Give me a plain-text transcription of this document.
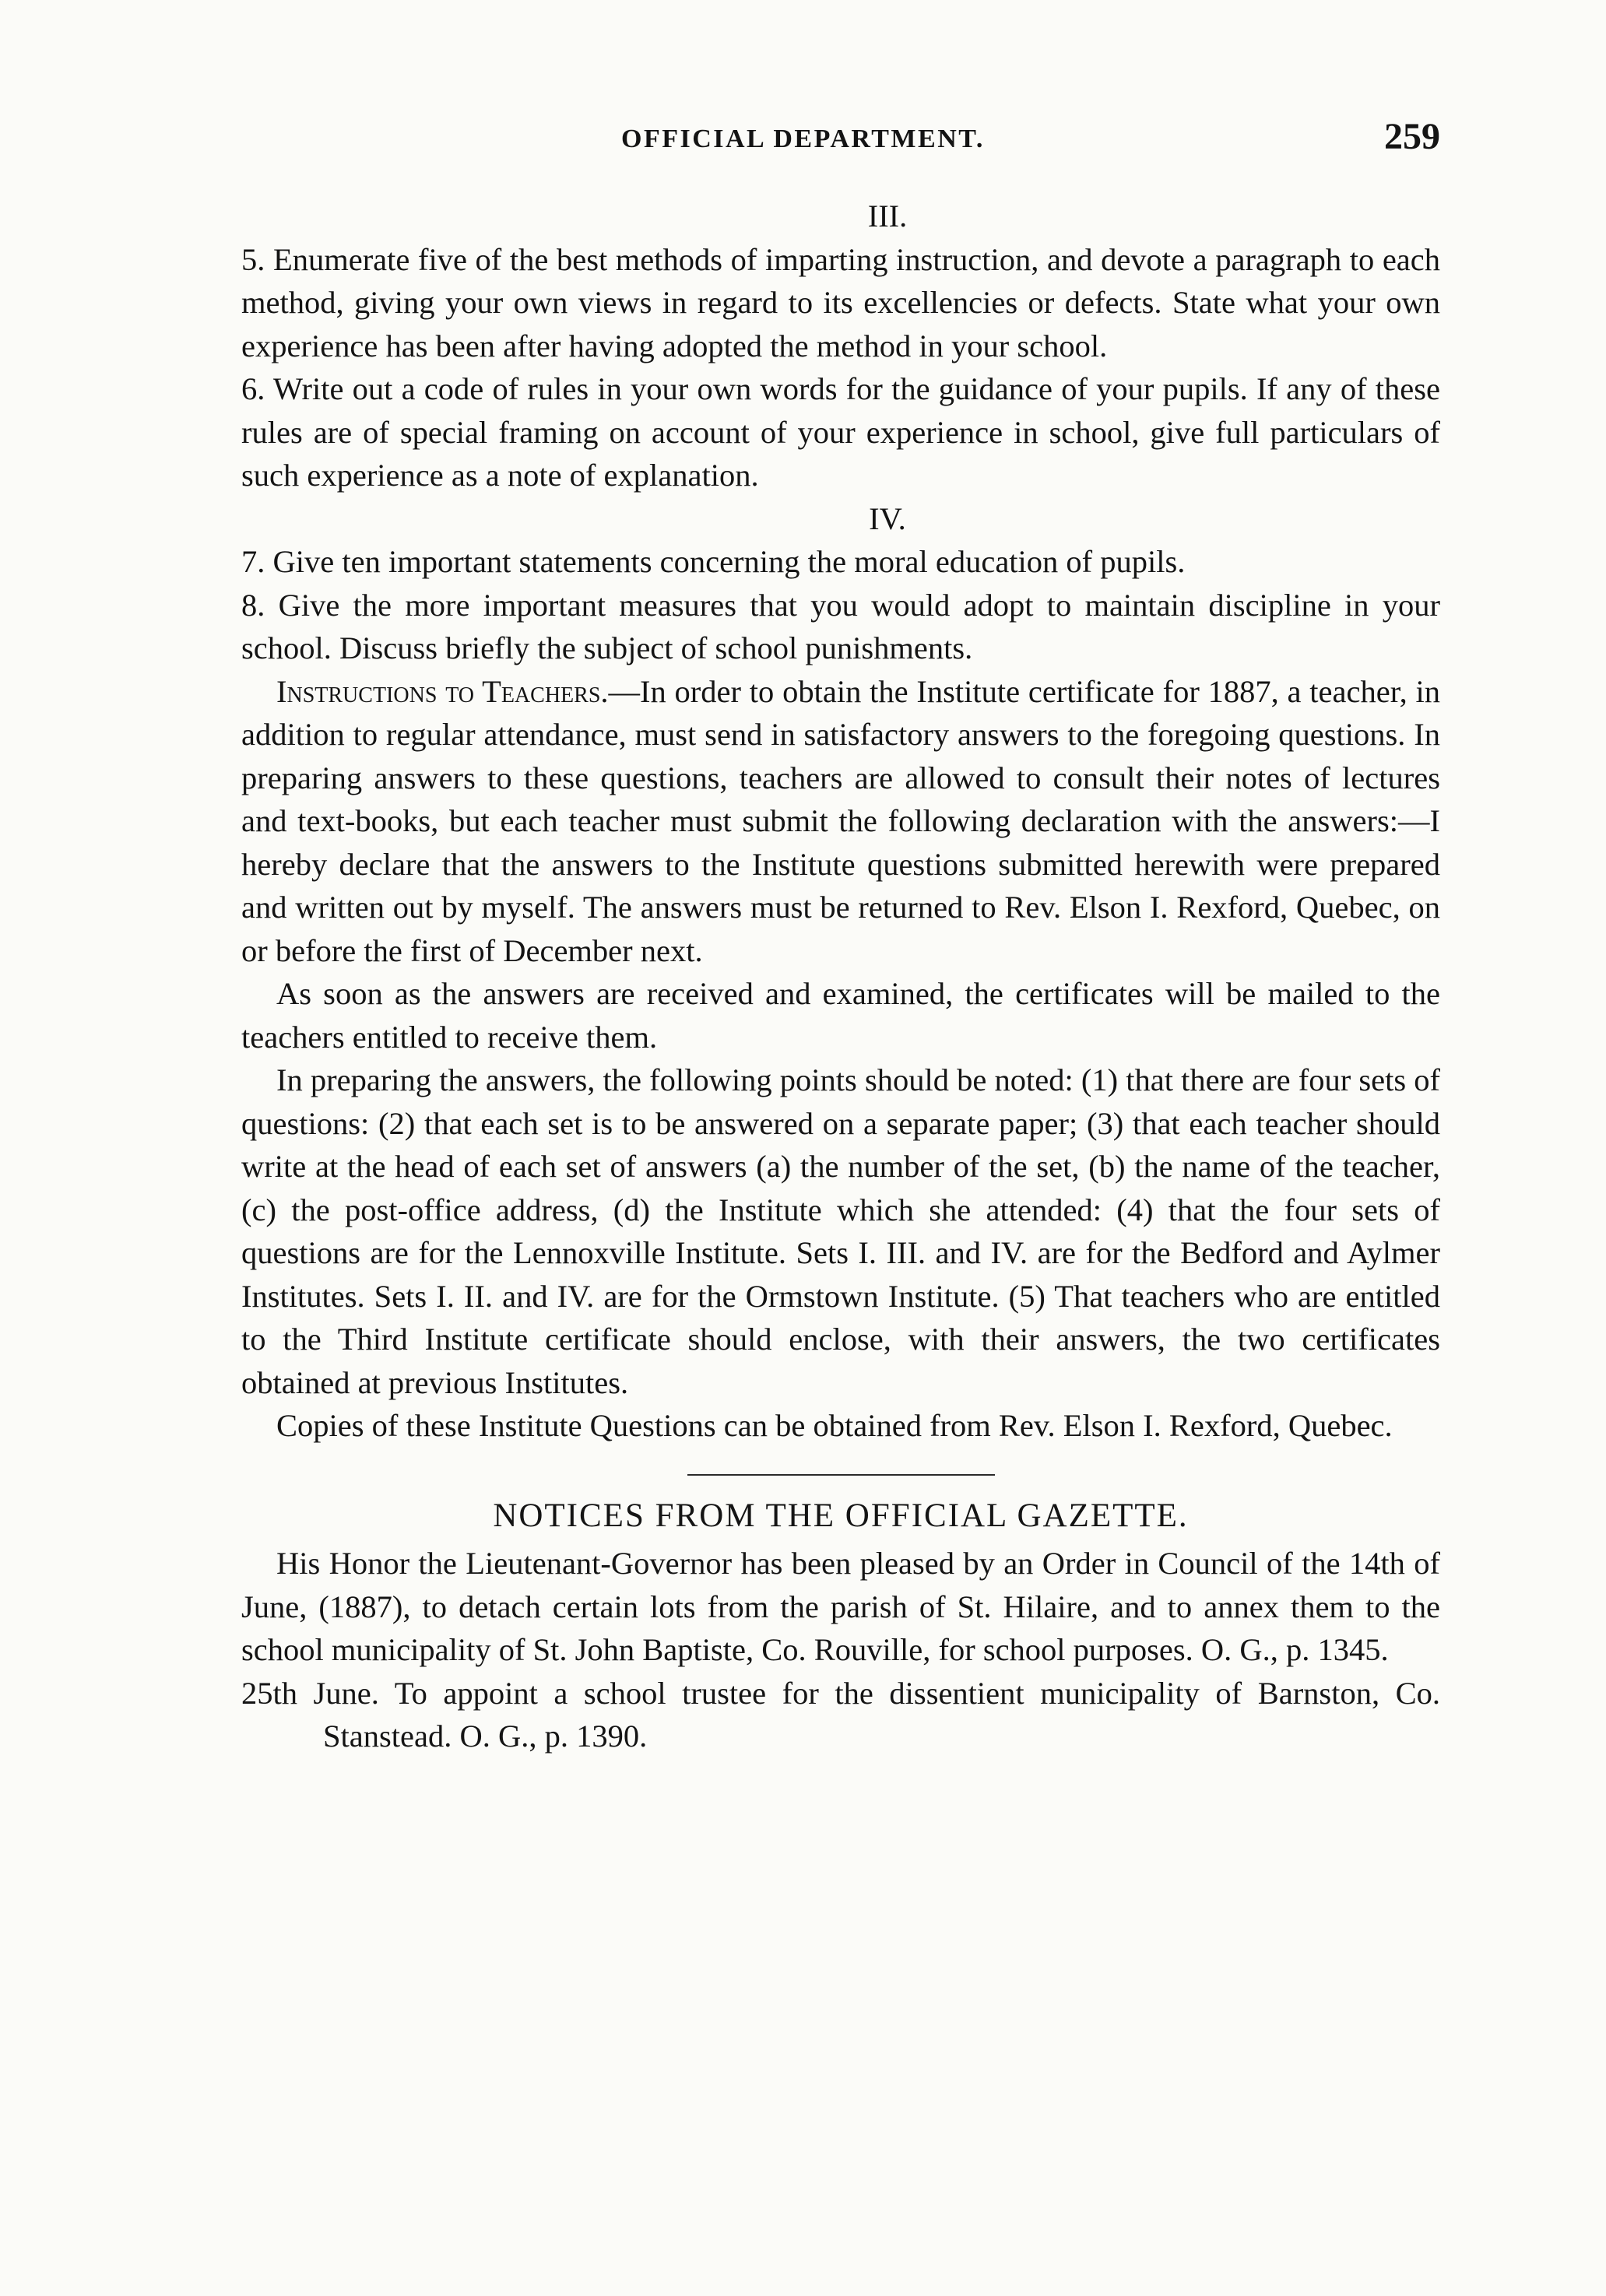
OFFICIAL DEPARTMENT.	259

III.

5. Enumerate five of the best methods of imparting instruction, and devote a paragraph to each method, giving your own views in regard to its excellencies or defects. State what your own experience has been after having adopted the method in your school.

6. Write out a code of rules in your own words for the guidance of your pupils. If any of these rules are of special framing on account of your experience in school, give full particulars of such experience as a note of explanation.

IV.

7. Give ten important statements concerning the moral education of pupils.

8. Give the more important measures that you would adopt to maintain discipline in your school. Discuss briefly the subject of school punishments.

Instructions to Teachers.—In order to obtain the Institute certificate for 1887, a teacher, in addition to regular attendance, must send in satisfactory answers to the foregoing questions. In preparing answers to these questions, teachers are allowed to consult their notes of lectures and text-books, but each teacher must submit the following declaration with the answers:—I hereby declare that the answers to the Institute questions submitted herewith were prepared and written out by myself. The answers must be returned to Rev. Elson I. Rexford, Quebec, on or before the first of December next.

As soon as the answers are received and examined, the certificates will be mailed to the teachers entitled to receive them.

In preparing the answers, the following points should be noted: (1) that there are four sets of questions: (2) that each set is to be answered on a separate paper; (3) that each teacher should write at the head of each set of answers (a) the number of the set, (b) the name of the teacher, (c) the post-office address, (d) the Institute which she attended: (4) that the four sets of questions are for the Lennoxville Institute. Sets I. III. and IV. are for the Bedford and Aylmer Institutes. Sets I. II. and IV. are for the Ormstown Institute. (5) That teachers who are entitled to the Third Institute certificate should enclose, with their answers, the two certificates obtained at previous Institutes.

Copies of these Institute Questions can be obtained from Rev. Elson I. Rexford, Quebec.

NOTICES FROM THE OFFICIAL GAZETTE.

His Honor the Lieutenant-Governor has been pleased by an Order in Council of the 14th of June, (1887), to detach certain lots from the parish of St. Hilaire, and to annex them to the school municipality of St. John Baptiste, Co. Rouville, for school purposes. O. G., p. 1345.

25th June. To appoint a school trustee for the dissentient municipality of Barnston, Co. Stanstead. O. G., p. 1390.
